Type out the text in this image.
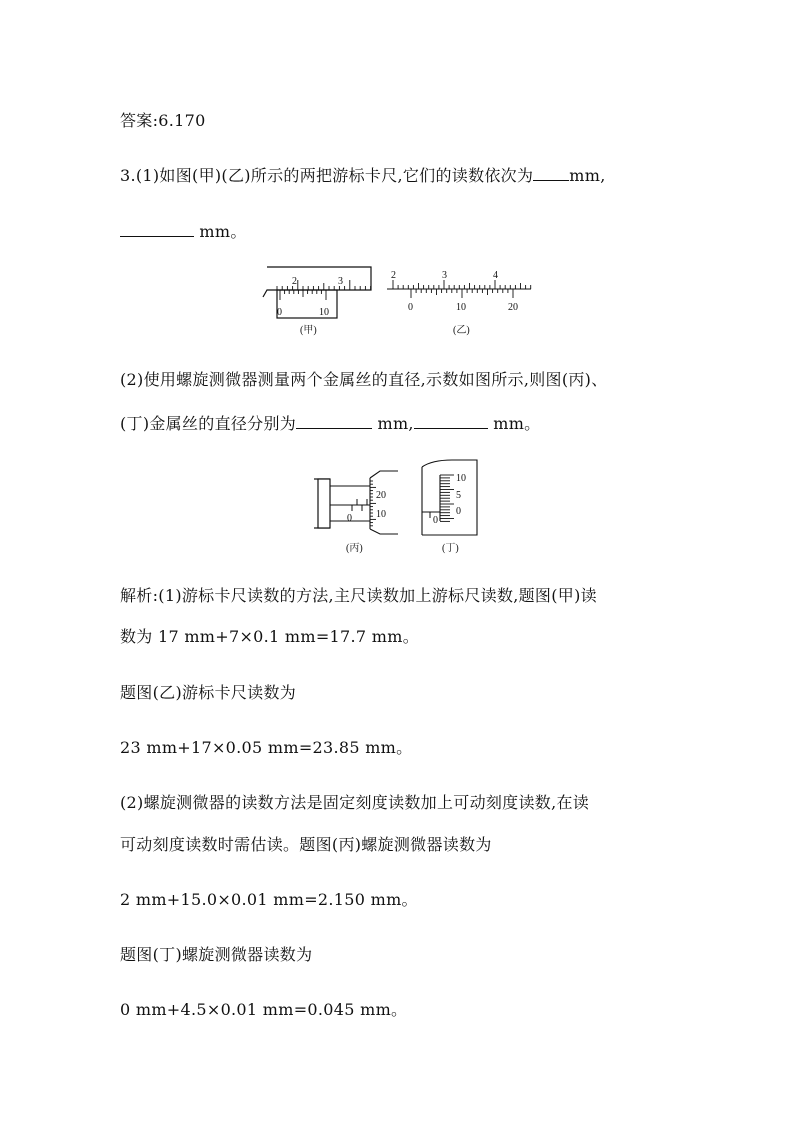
答案:6.170
3.(1)如图(甲)(乙)所示的两把游标卡尺,它们的读数依次为 mm,
mm。
2	3
0	10
(甲)
2	3	4
0	10	20
(乙)
(2)使用螺旋测微器测量两个金属丝的直径,示数如图所示,则图(丙)、
(丁)金属丝的直径分别为	mm,	mm。
0
20
10
(丙)
10
5
0
0
(丁)
解析:(1)游标卡尺读数的方法,主尺读数加上游标尺读数,题图(甲)读
数为 17 mm+7×0.1 mm=17.7 mm。
题图(乙)游标卡尺读数为
23 mm+17×0.05 mm=23.85 mm。
(2)螺旋测微器的读数方法是固定刻度读数加上可动刻度读数,在读
可动刻度读数时需估读。题图(丙)螺旋测微器读数为
2 mm+15.0×0.01 mm=2.150 mm。
题图(丁)螺旋测微器读数为
0 mm+4.5×0.01 mm=0.045 mm。
